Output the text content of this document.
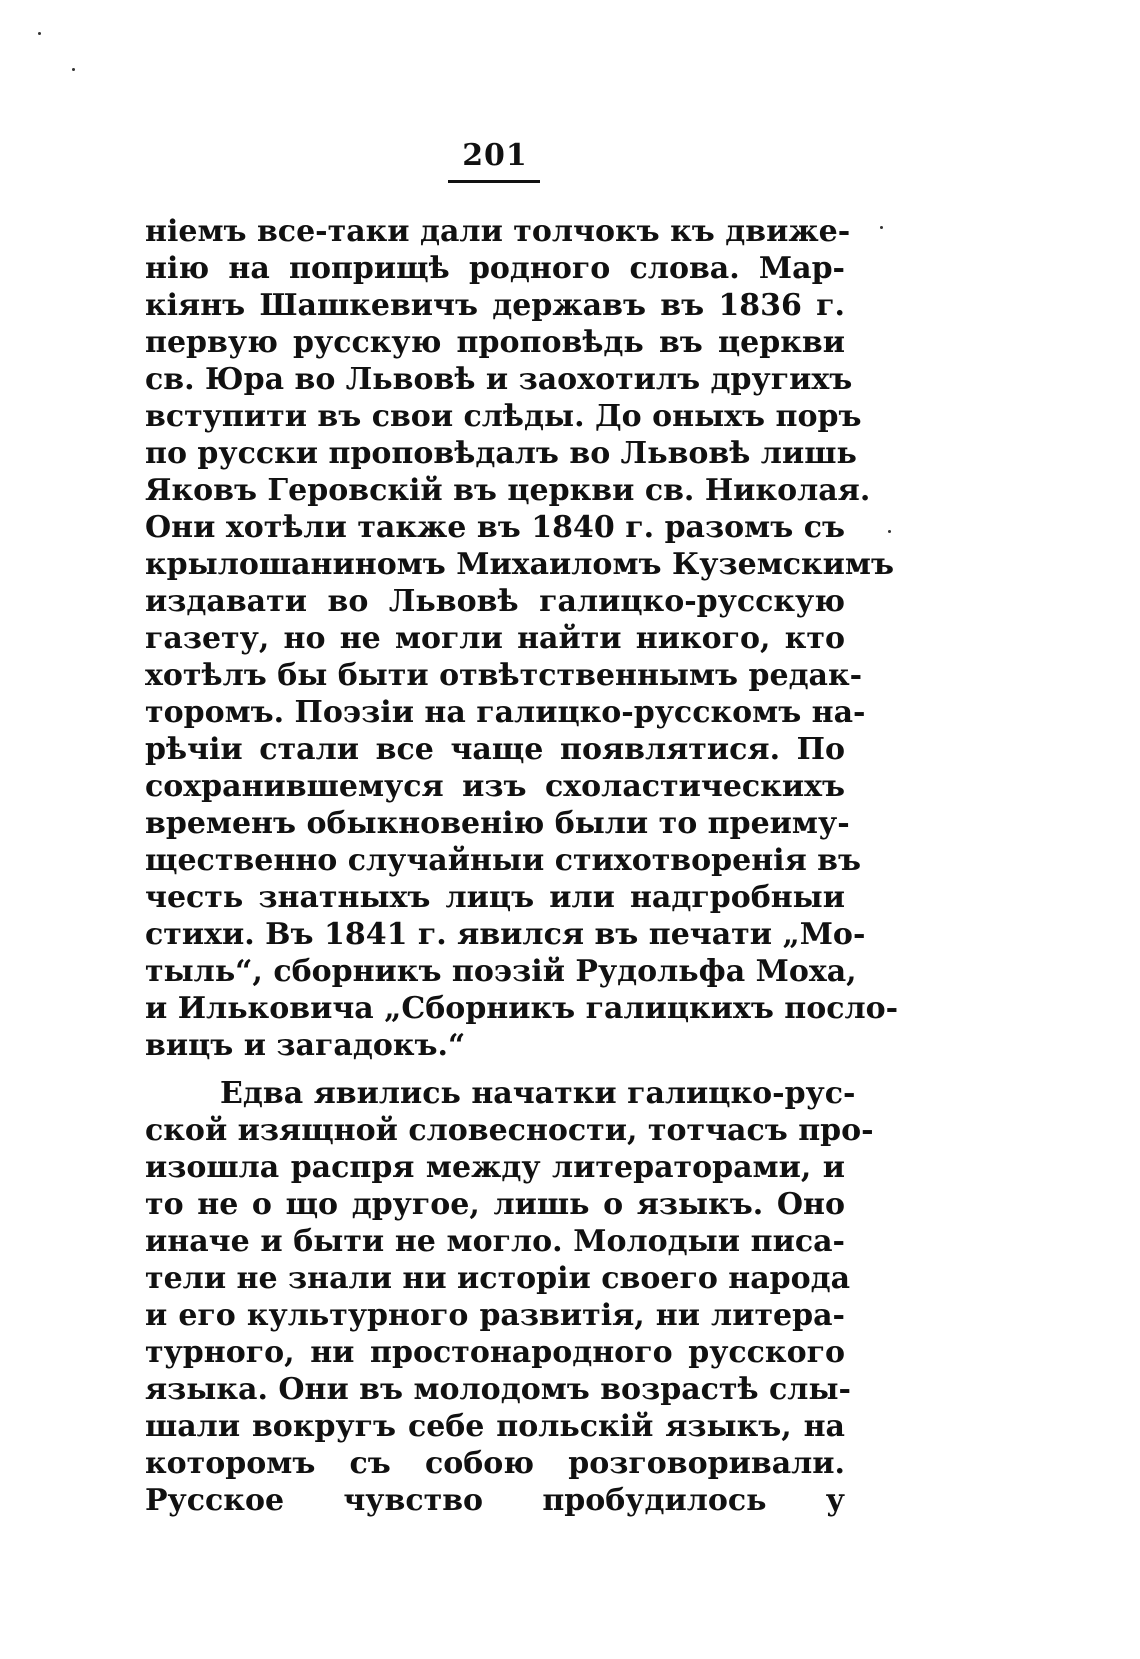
201
ніемъ все-таки дали толчокъ къ движе-
нію на поприщѣ родного слова. Мар-
кіянъ Шашкевичъ державъ въ 1836 г.
первую русскую проповѣдь въ церкви
св. Юра во Львовѣ и заохотилъ другихъ
вступити въ свои слѣды. До оныхъ поръ
по русски проповѣдалъ во Львовѣ лишь
Яковъ Геровскій въ церкви св. Николая.
Они хотѣли также въ 1840 г. разомъ съ
крылошаниномъ Михаиломъ Куземскимъ
издавати во Львовѣ галицко-русскую
газету, но не могли найти никого, кто
хотѣлъ бы быти отвѣтственнымъ редак-
торомъ. Поэзіи на галицко-русскомъ на-
рѣчіи стали все чаще появлятися. По
сохранившемуся изъ схоластическихъ
временъ обыкновенію были то преиму-
щественно случайныи стихотворенія въ
честь знатныхъ лицъ или надгробныи
стихи. Въ 1841 г. явился въ печати „Мо-
тыль“, сборникъ поэзій Рудольфа Моха,
и Ильковича „Сборникъ галицкихъ посло-
вицъ и загадокъ.“
Едва явились начатки галицко-рус-
ской изящной словесности, тотчасъ про-
изошла распря между литераторами, и
то не о що другое, лишь о языкъ. Оно
иначе и быти не могло. Молодыи писа-
тели не знали ни исторіи своего народа
и его культурного развитія, ни литера-
турного, ни простонародного русского
языка. Они въ молодомъ возрастѣ слы-
шали вокругъ себе польскій языкъ, на
которомъ съ собою розговоривали.
Русское чувство пробудилось у
